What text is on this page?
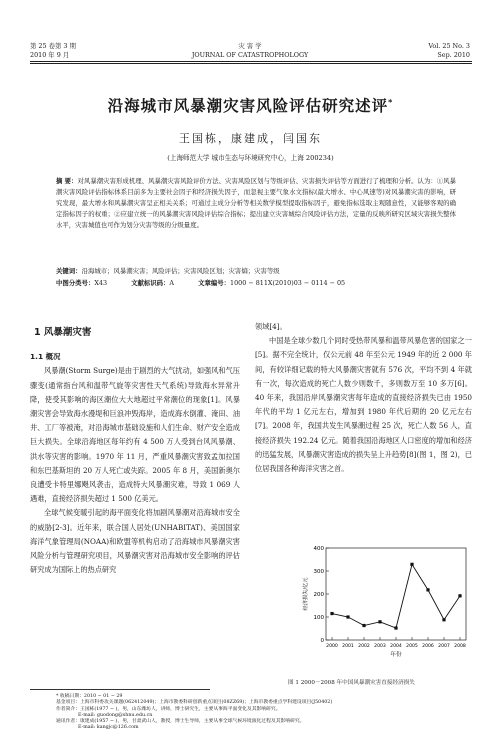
第 25 卷第 3 期
2010 年 9 月
灾 害 学
JOURNAL OF CATASTROPHOLOGY
Vol. 25 No. 3
Sep. 2010
沿海城市风暴潮灾害风险评估研究述评*
王国栋，康建成，闫国东
(上海师范大学 城市生态与环境研究中心，上海 200234)
摘 要：对风暴潮灾害形成机理、风暴潮灾害风险评价方法、灾害风险区划与等级评估、灾害损失评估等方面进行了梳理和分析。认为：①风暴潮灾害风险评估指标体系目前多为主要社会因子和经济损失因子，而忽视主要气象水文指标(最大增水、中心风速等)对风暴潮灾害的影响，研究发现，最大增水和风暴潮灾害呈正相关关系；可通过主成分分析等相关数学模型提取指标因子，避免指标选取主观随意性，又能够客观的确定指标因子的权重；②应建立统一的风暴潮灾害风险评估综合指标；提出建立灾害城综合风险评估方法，定量的反映所研究区域灾害损失整体水平，灾害城值也可作为划分灾害等级的分级量度。
关键词：沿海城市；风暴潮灾害；风险评估；灾害风险区划；灾害熵；灾害等级
中图分类号：X43	文献标识码：A	文章编号：1000 − 811X(2010)03 − 0114 − 05
1 风暴潮灾害
1.1 概况

风暴潮(Storm Surge)是由于剧烈的大气扰动，如强风和气压骤变(通常指台风和温带气旋等灾害性天气系统)导致海水异常升降，使受其影响的海区潮位大大地超过平常潮位的现象[1]。风暴潮灾害会导致海水漫堤和巨浪冲毁海岸，造成海水倒灌、淹田、油井、工厂等被淹，对沿海城市基础设施和人们生命、财产安全造成巨大损失。全球沿海地区每年约有 4 500 万人受到台风风暴潮、洪水等灾害的影响。1970 年 11 月，严重风暴潮灾害致孟加拉国和东巴基斯坦的 20 万人死亡或失踪。2005 年 8 月，美国新奥尔良遭受卡特里娜飓风袭击，造成特大风暴潮灾难，导致 1 069 人遇难，直接经济损失超过 1 500 亿美元。

全球气候变暖引起的海平面变化将加剧风暴潮对沿海城市安全的威胁[2-3]。近年来，联合国人居处(UNHABITAT)、美国国家海洋气象管理局(NOAA)和欧盟等机构启动了沿海城市风暴潮灾害风险分析与管理研究项目，风暴潮灾害对沿海城市安全影响的评估研究成为国际上的热点研究

领域[4]。

中国是全球少数几个同时受热带风暴和温带风暴危害的国家之一[5]。据不完全统计，仅公元前 48 年至公元 1949 年的近 2 000 年间，有较详细记载的特大风暴潮灾害就有 576 次，平均不到 4 年就有一次，每次造成的死亡人数少则数千，多则数万至 10 多万[6]。40 年来，我国沿岸风暴潮灾害每年造成的直接经济损失已由 1950 年代的平均 1 亿元左右，增加到 1980 年代后期的 20 亿元左右[7]。2008 年，我国共发生风暴潮过程 25 次，死亡人数 56 人，直接经济损失 192.24 亿元。随着我国沿海地区人口密度的增加和经济的迅猛发展，风暴潮灾害造成的损失呈上升趋势[8](图 1，图 2)，已位居我国各种海洋灾害之首。

0
100
200
300
400
2000 2001 2002 2003 2004 2005 2006 2007 2008
年份
经济损失/亿元
图 1 2000－2008 年中国风暴潮灾害直接经济损失
* 收稿日期：2010 − 01 − 29
基金项目：上海市科委攻关课题(062412049)；上海市教委科研创新重点项目(08ZZ69)；上海市教委重点学科建设项目(J50402)
作者简介：王国栋(1977 − )，男，山东潍坊人，讲师，博士研究生，主要从事海平面变化及其影响研究。
E-mail: guodong@shnu.edu.cn
通讯作者：康建成(1957 − )，男，甘肃武山人，教授，博士生导师，主要从事全球气候环境演化过程及其影响研究。
E-mail: kangjc@126.com
